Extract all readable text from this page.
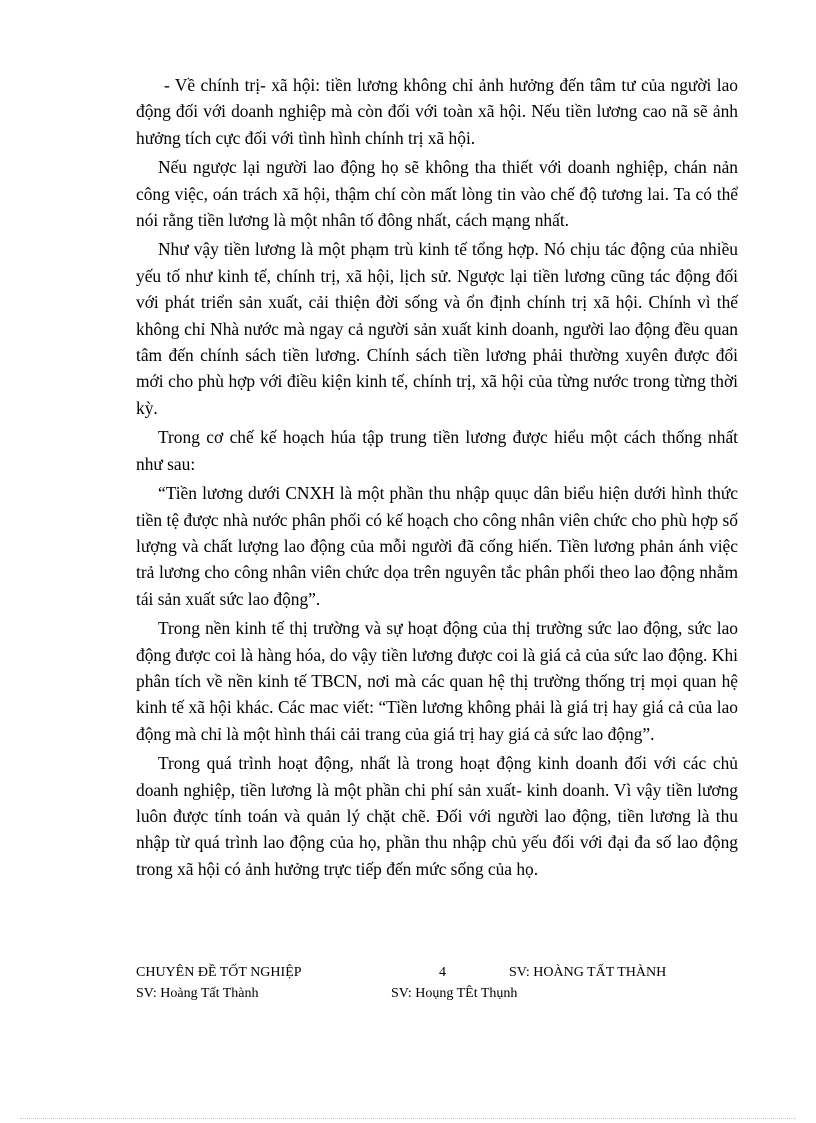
- Về chính trị- xã hội: tiền lương không chỉ ảnh hưởng đến tâm tư của người lao động đối với doanh nghiệp mà còn đối với toàn xã hội. Nếu tiền lương cao nã sẽ ảnh hưởng tích cực đối với tình hình chính trị xã hội.

Nếu ngược lại người lao động họ sẽ không tha thiết với doanh nghiệp, chán nản công việc, oán trách xã hội, thậm chí còn mất lòng tin vào chế độ tương lai. Ta có thể nói rằng tiền lương là một nhân tố đông nhất, cách mạng nhất.

Như vậy tiền lương là một phạm trù kinh tế tổng hợp. Nó chịu tác động của nhiều yếu tố như kinh tế, chính trị, xã hội, lịch sử. Ngược lại tiền lương cũng tác động đối với phát triển sản xuất, cải thiện đời sống và ổn định chính trị xã hội. Chính vì thế không chỉ Nhà nước mà ngay cả người sản xuất kinh doanh, người lao động đều quan tâm đến chính sách tiền lương. Chính sách tiền lương phải thường xuyên được đổi mới cho phù hợp với điều kiện kinh tế, chính trị, xã hội của từng nước trong từng thời kỳ.

Trong cơ chế kế hoạch húa tập trung tiền lương được hiểu một cách thống nhất như sau:

“Tiền lương dưới CNXH là một phần thu nhập quục dân biểu hiện dưới hình thức tiền tệ được nhà nước phân phối có kế hoạch cho công nhân viên chức cho phù hợp số lượng và chất lượng lao động của mỗi người đã cống hiến. Tiền lương phản ánh việc trả lương cho công nhân viên chức dọa trên nguyên tắc phân phối theo lao động nhằm tái sản xuất sức lao động”.

Trong nền kinh tế thị trường và sự hoạt động của thị trường sức lao động, sức lao động được coi là hàng hóa, do vậy tiền lương được coi là giá cả của sức lao động. Khi phân tích về nền kinh tế TBCN, nơi mà các quan hệ thị trường thống trị mọi quan hệ kinh tế xã hội khác. Các mac viết: “Tiền lương không phải là giá trị hay giá cả của lao động mà chỉ là một hình thái cải trang của giá trị hay giá cả sức lao động”.

Trong quá trình hoạt động, nhất là trong hoạt động kinh doanh đối với các chủ doanh nghiệp, tiền lương là một phần chi phí sản xuất- kinh doanh. Vì vậy tiền lương luôn được tính toán và quản lý chặt chẽ. Đối với người lao động, tiền lương là thu nhập từ quá trình lao động của họ, phần thu nhập chủ yếu đối với đại đa số lao động trong xã hội có ảnh hưởng trực tiếp đến mức sống của họ.

CHUYÊN ĐỀ TỐT NGHIỆP	4	SV: HOÀNG TẤT THÀNH
SV: Hoàng Tất Thành	SV: Hoụng TÊt Thụnh
